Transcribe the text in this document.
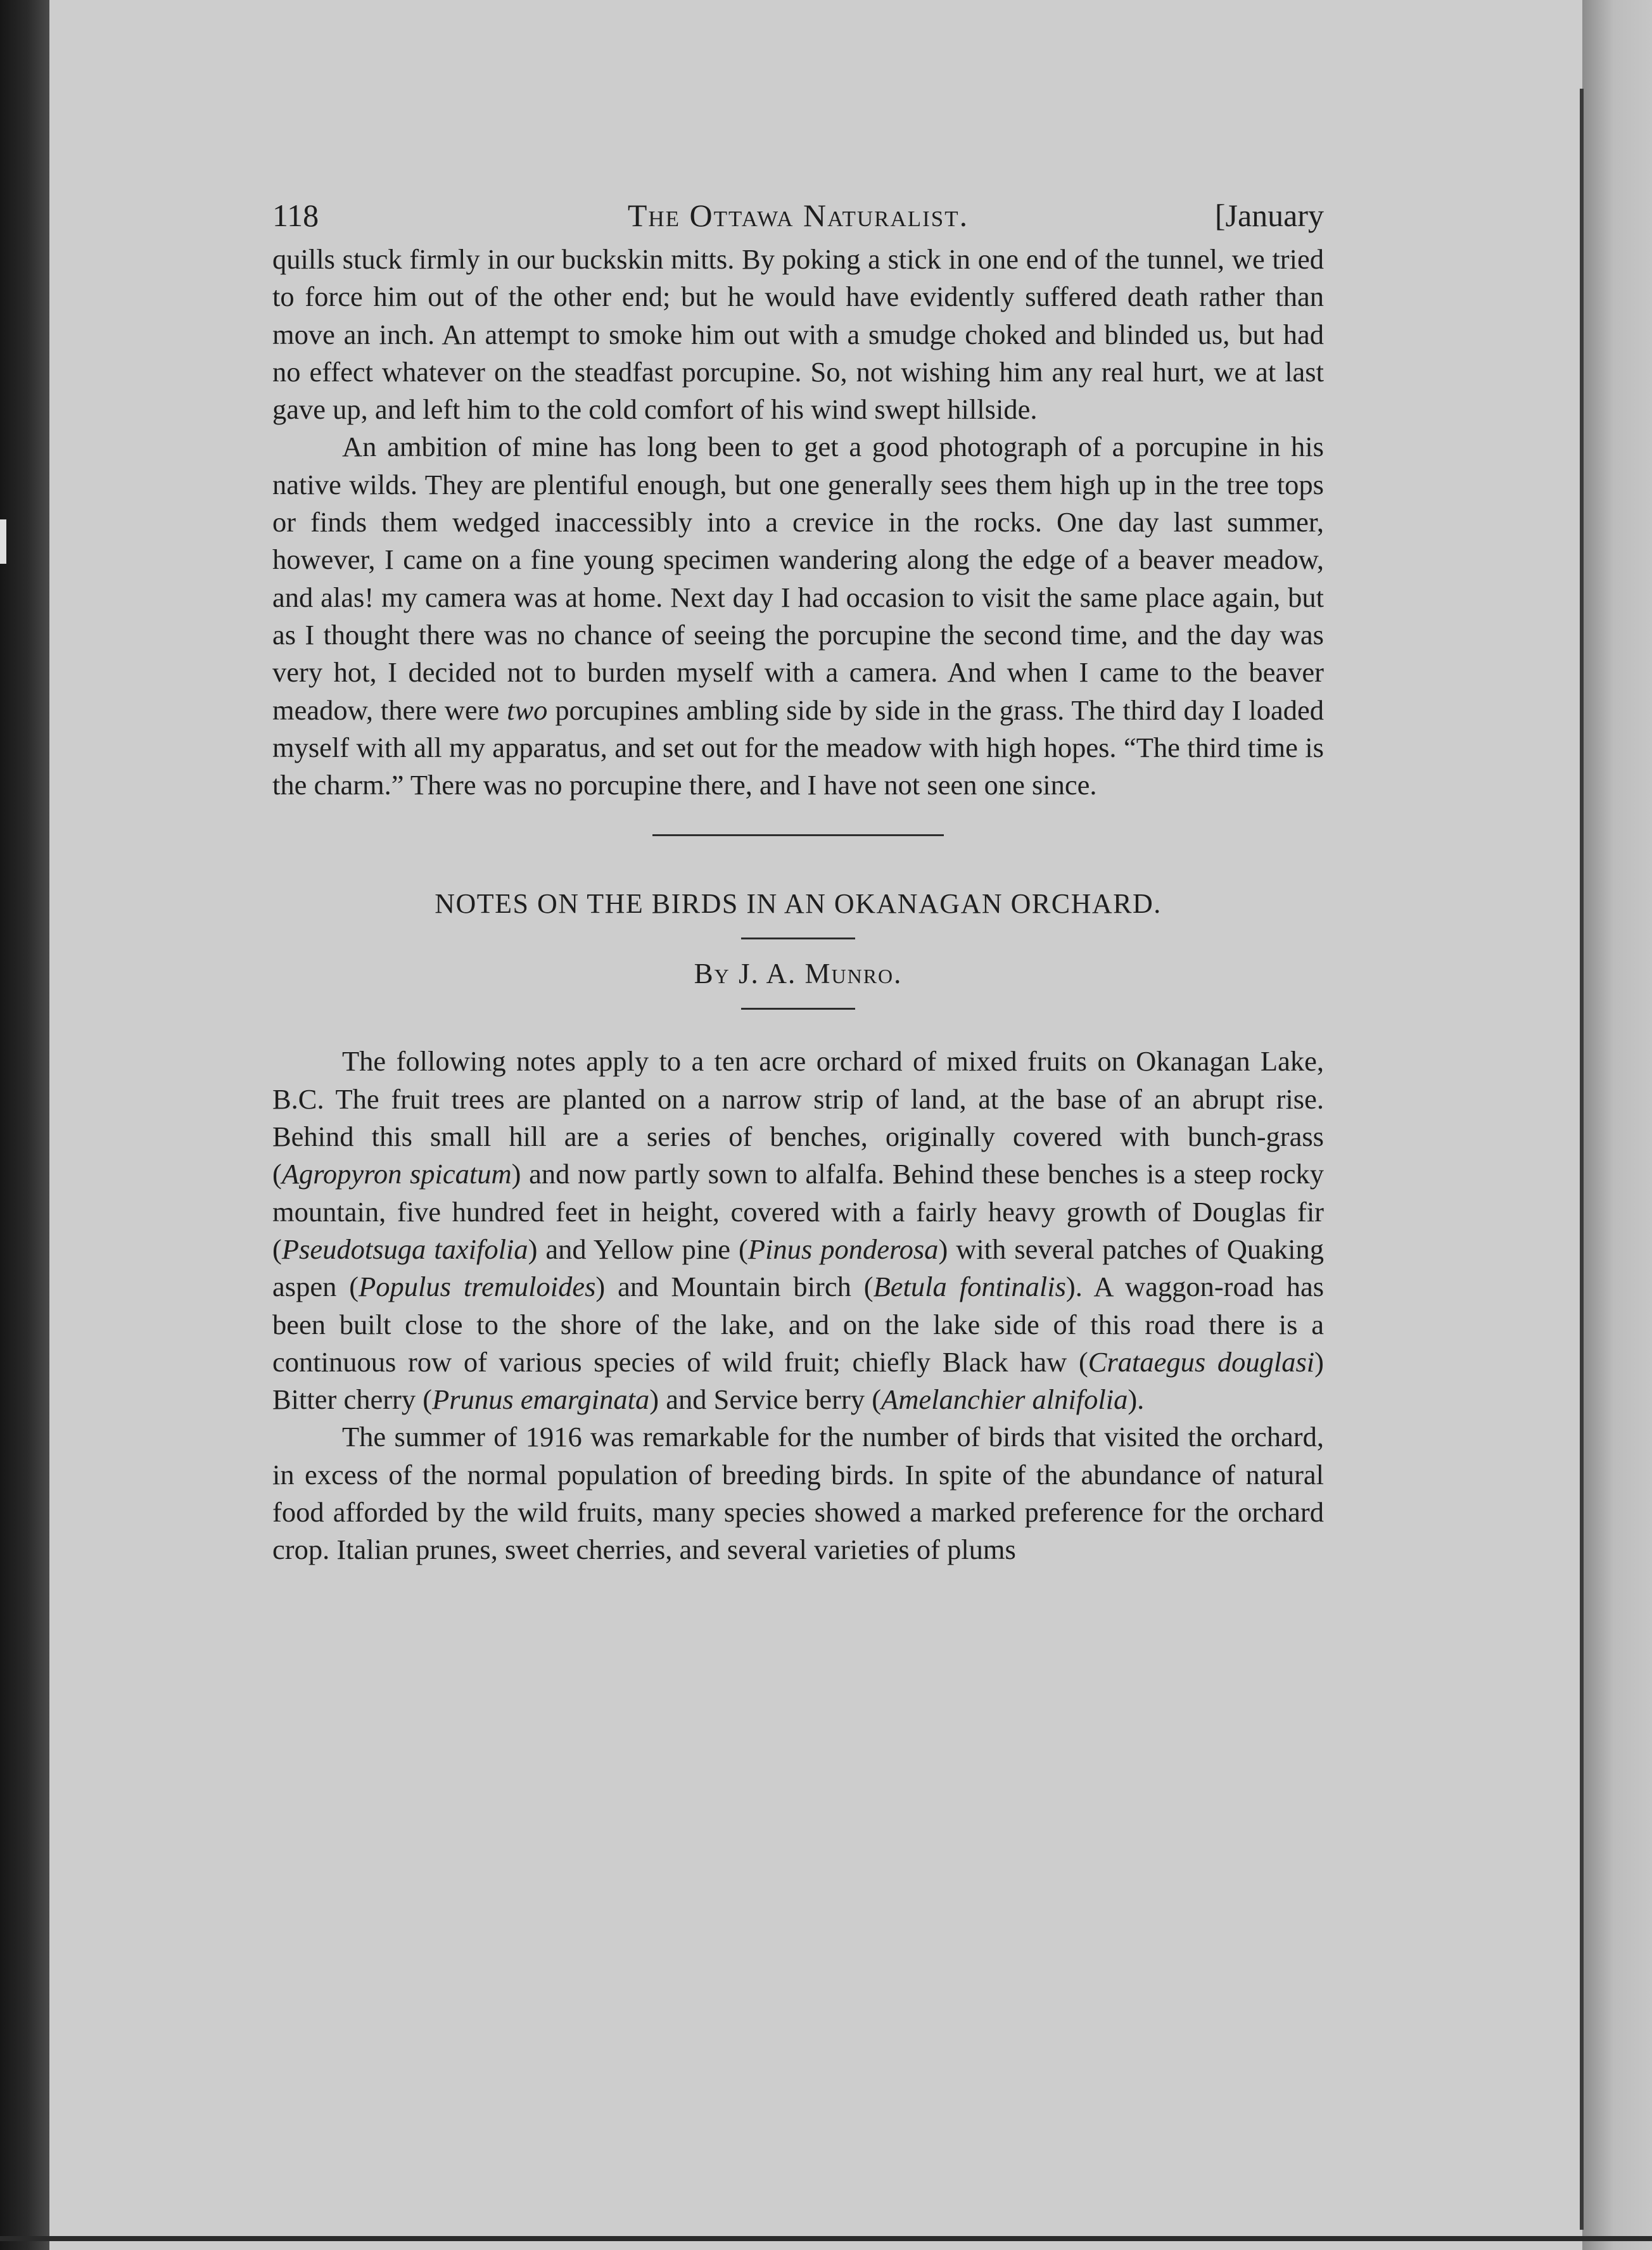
118	The Ottawa Naturalist.	[January

quills stuck firmly in our buckskin mitts. By poking a stick in one end of the tunnel, we tried to force him out of the other end; but he would have evidently suffered death rather than move an inch. An attempt to smoke him out with a smudge choked and blinded us, but had no effect whatever on the steadfast porcupine. So, not wishing him any real hurt, we at last gave up, and left him to the cold comfort of his wind swept hillside.

An ambition of mine has long been to get a good photograph of a porcupine in his native wilds. They are plentiful enough, but one generally sees them high up in the tree tops or finds them wedged inaccessibly into a crevice in the rocks. One day last summer, however, I came on a fine young specimen wandering along the edge of a beaver meadow, and alas! my camera was at home. Next day I had occasion to visit the same place again, but as I thought there was no chance of seeing the porcupine the second time, and the day was very hot, I decided not to burden myself with a camera. And when I came to the beaver meadow, there were two porcupines ambling side by side in the grass. The third day I loaded myself with all my apparatus, and set out for the meadow with high hopes. “The third time is the charm.” There was no porcupine there, and I have not seen one since.

NOTES ON THE BIRDS IN AN OKANAGAN ORCHARD.
By J. A. Munro.

The following notes apply to a ten acre orchard of mixed fruits on Okanagan Lake, B.C. The fruit trees are planted on a narrow strip of land, at the base of an abrupt rise. Behind this small hill are a series of benches, originally covered with bunch-grass (Agropyron spicatum) and now partly sown to alfalfa. Behind these benches is a steep rocky mountain, five hundred feet in height, covered with a fairly heavy growth of Douglas fir (Pseudotsuga taxifolia) and Yellow pine (Pinus ponderosa) with several patches of Quaking aspen (Populus tremuloides) and Mountain birch (Betula fontinalis). A waggon-road has been built close to the shore of the lake, and on the lake side of this road there is a continuous row of various species of wild fruit; chiefly Black haw (Crataegus douglasi) Bitter cherry (Prunus emarginata) and Service berry (Amelanchier alnifolia).

The summer of 1916 was remarkable for the number of birds that visited the orchard, in excess of the normal population of breeding birds. In spite of the abundance of natural food afforded by the wild fruits, many species showed a marked preference for the orchard crop. Italian prunes, sweet cherries, and several varieties of plums
